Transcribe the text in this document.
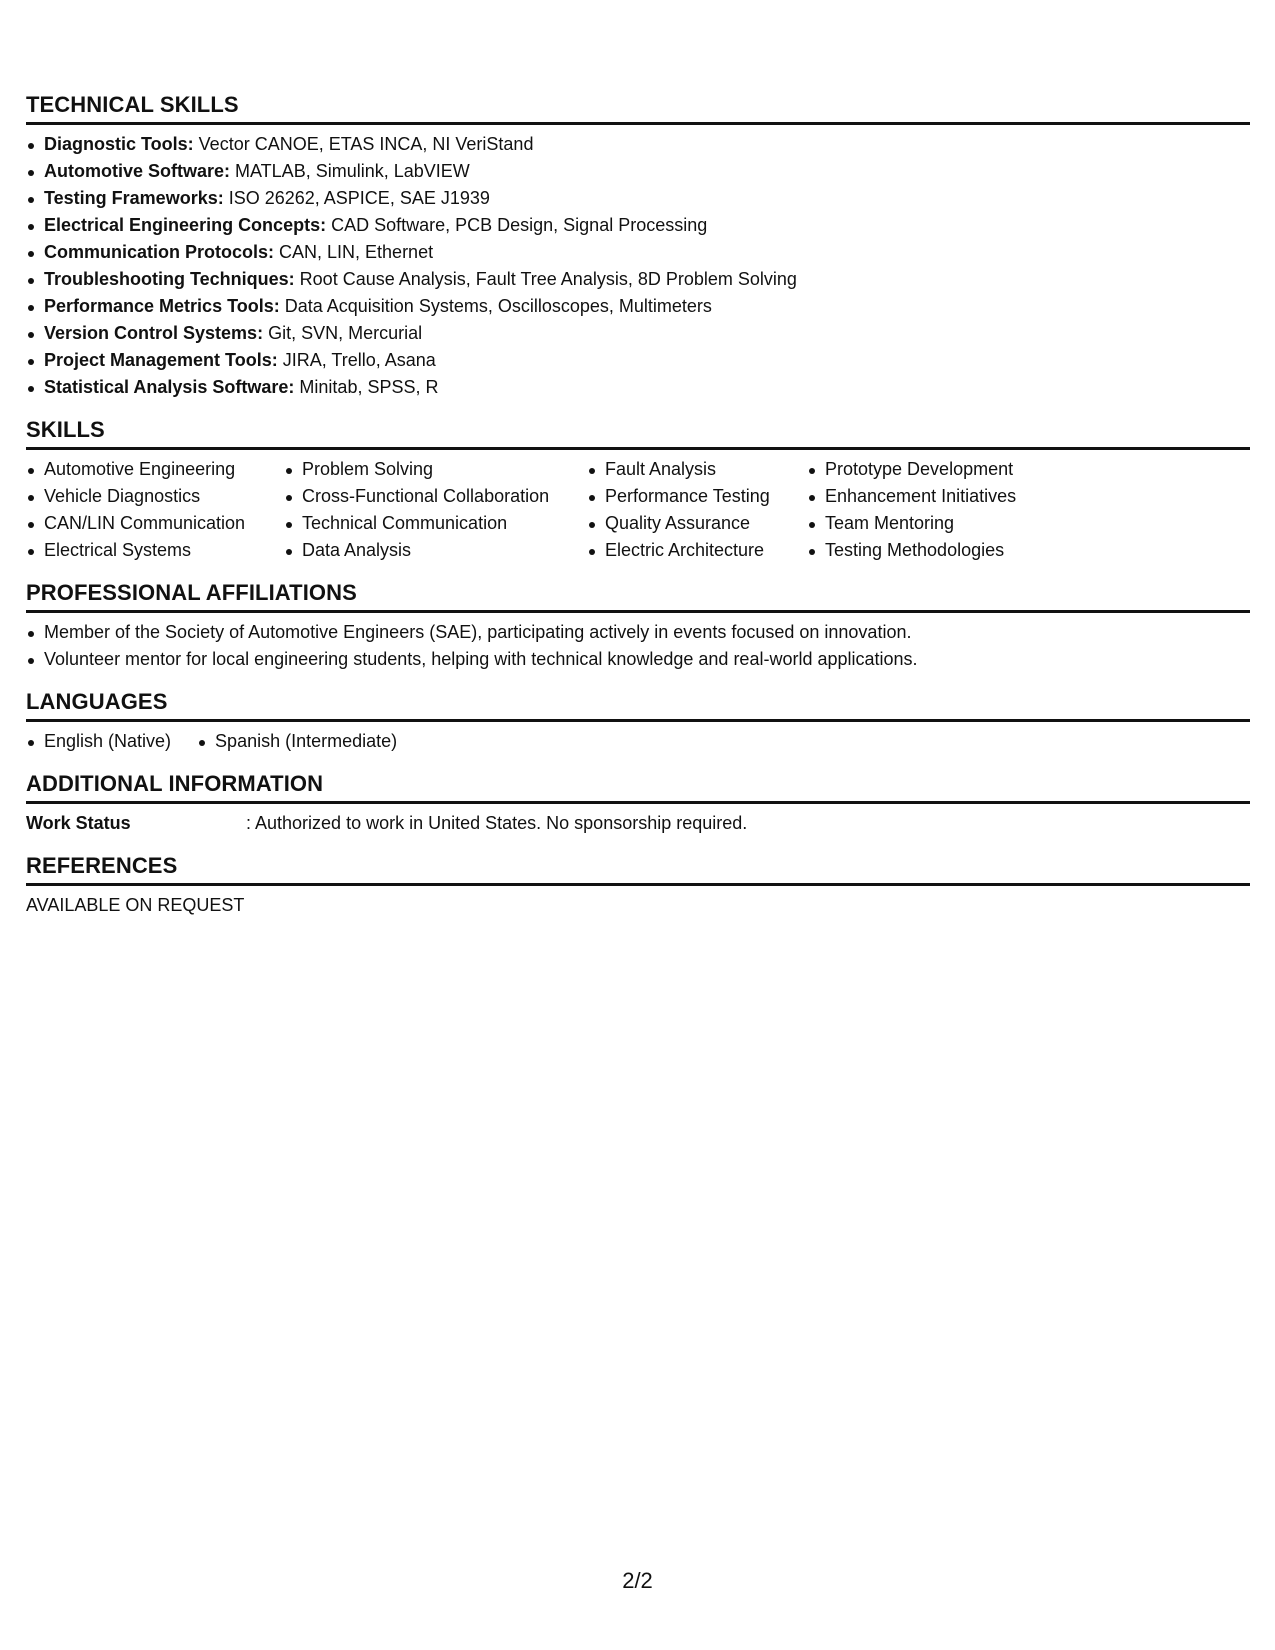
TECHNICAL SKILLS
Diagnostic Tools: Vector CANOE, ETAS INCA, NI VeriStand
Automotive Software: MATLAB, Simulink, LabVIEW
Testing Frameworks: ISO 26262, ASPICE, SAE J1939
Electrical Engineering Concepts: CAD Software, PCB Design, Signal Processing
Communication Protocols: CAN, LIN, Ethernet
Troubleshooting Techniques: Root Cause Analysis, Fault Tree Analysis, 8D Problem Solving
Performance Metrics Tools: Data Acquisition Systems, Oscilloscopes, Multimeters
Version Control Systems: Git, SVN, Mercurial
Project Management Tools: JIRA, Trello, Asana
Statistical Analysis Software: Minitab, SPSS, R
SKILLS
Automotive Engineering
Vehicle Diagnostics
CAN/LIN Communication
Electrical Systems
Problem Solving
Cross-Functional Collaboration
Technical Communication
Data Analysis
Fault Analysis
Performance Testing
Quality Assurance
Electric Architecture
Prototype Development
Enhancement Initiatives
Team Mentoring
Testing Methodologies
PROFESSIONAL AFFILIATIONS
Member of the Society of Automotive Engineers (SAE), participating actively in events focused on innovation.
Volunteer mentor for local engineering students, helping with technical knowledge and real-world applications.
LANGUAGES
English (Native)	Spanish (Intermediate)
ADDITIONAL INFORMATION
Work Status	: Authorized to work in United States. No sponsorship required.
REFERENCES
AVAILABLE ON REQUEST
2/2
